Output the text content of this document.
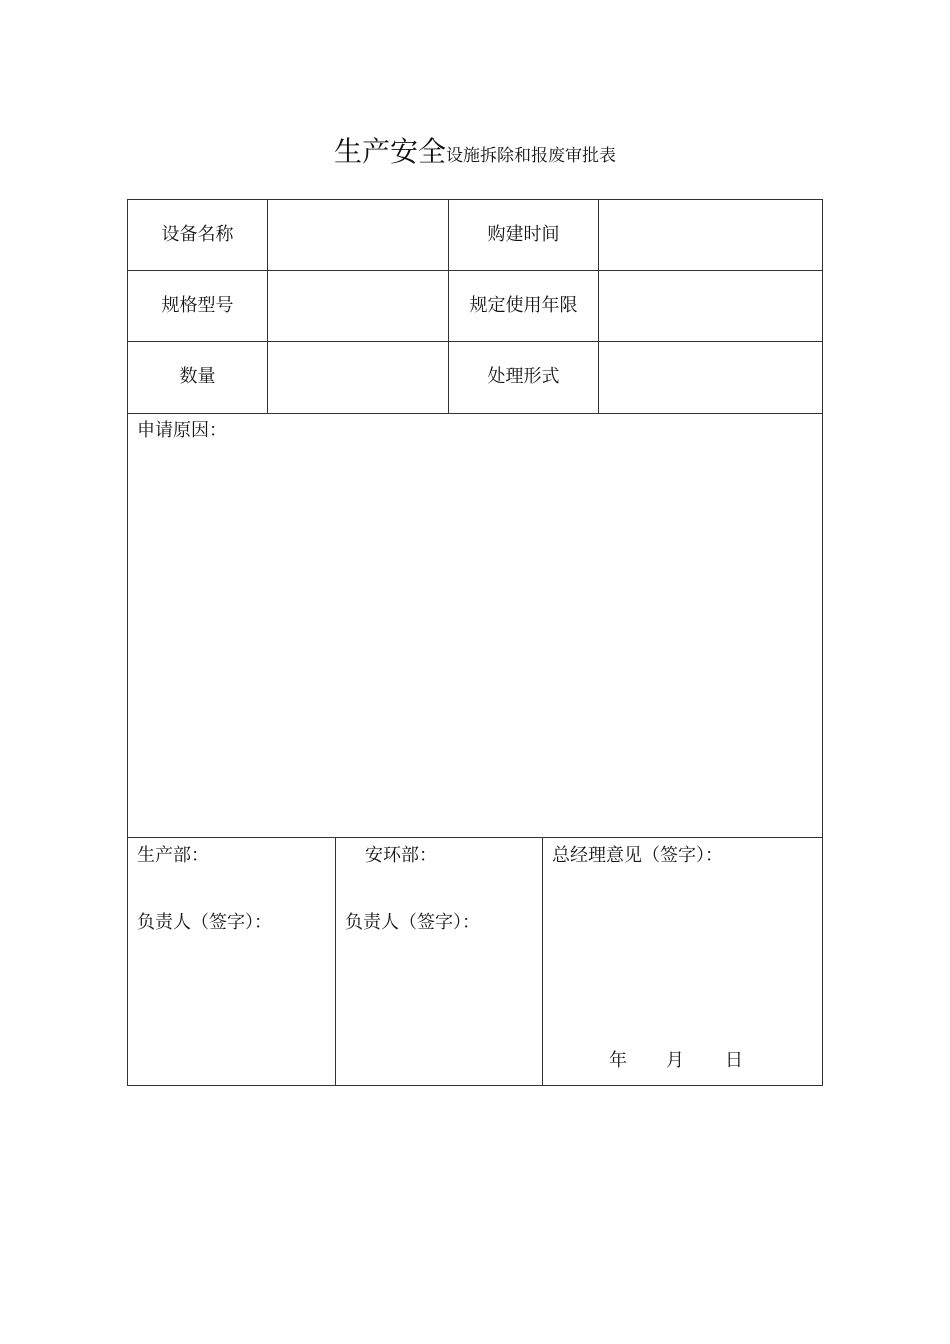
生产安全设施拆除和报废审批表
设备名称	购建时间
规格型号	规定使用年限
数量	处理形式
申请原因：
生产部：
负责人（签字）：
安环部：
负责人（签字）：
总经理意见（签字）：
年 月 日
